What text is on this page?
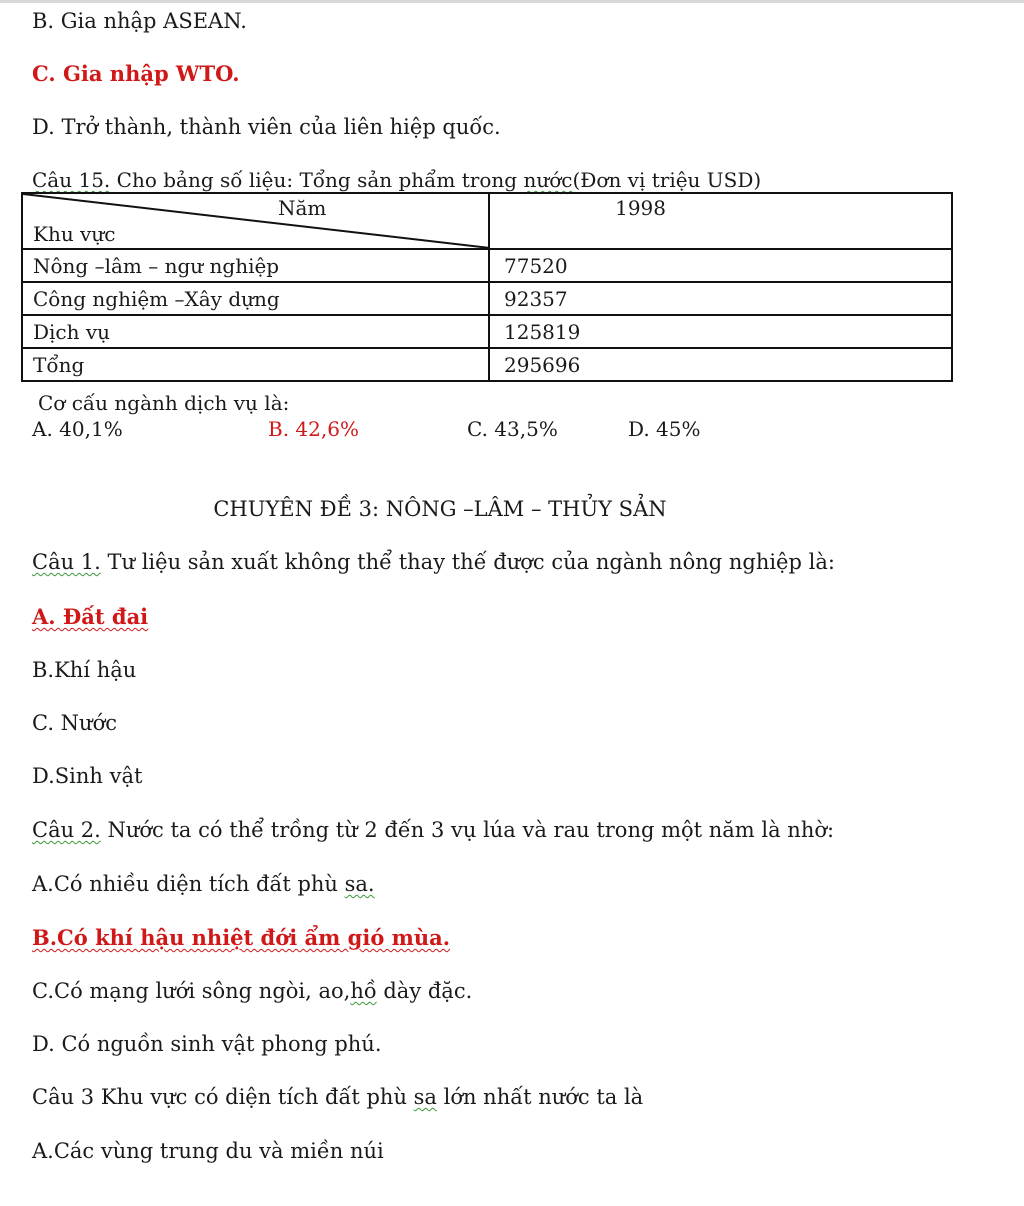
B. Gia nhập ASEAN.
C. Gia nhập WTO.
D. Trở thành, thành viên của liên hiệp quốc.
Câu 15. Cho bảng số liệu: Tổng sản phẩm trong nước(Đơn vị triệu USD)
Năm
Khu vực	1998

Nông –lâm – ngư nghiệp	77520
Công nghiệm –Xây dựng	92357
Dịch vụ	125819
Tổng	295696
Cơ cấu ngành dịch vụ là:
A. 40,1%	B. 42,6%	C. 43,5%	D. 45%
CHUYÊN ĐỀ 3: NÔNG –LÂM – THỦY SẢN
Câu 1. Tư liệu sản xuất không thể thay thế được của ngành nông nghiệp là:
A. Đất đai
B.Khí hậu
C. Nước
D.Sinh vật
Câu 2. Nước ta có thể trồng từ 2 đến 3 vụ lúa và rau trong một năm là nhờ:
A.Có nhiều diện tích đất phù sa.
B.Có khí hậu nhiệt đới ẩm gió mùa.
C.Có mạng lưới sông ngòi, ao,hồ dày đặc.
D. Có nguồn sinh vật phong phú.
Câu 3 Khu vực có diện tích đất phù sa lớn nhất nước ta là
A.Các vùng trung du và miền núi
